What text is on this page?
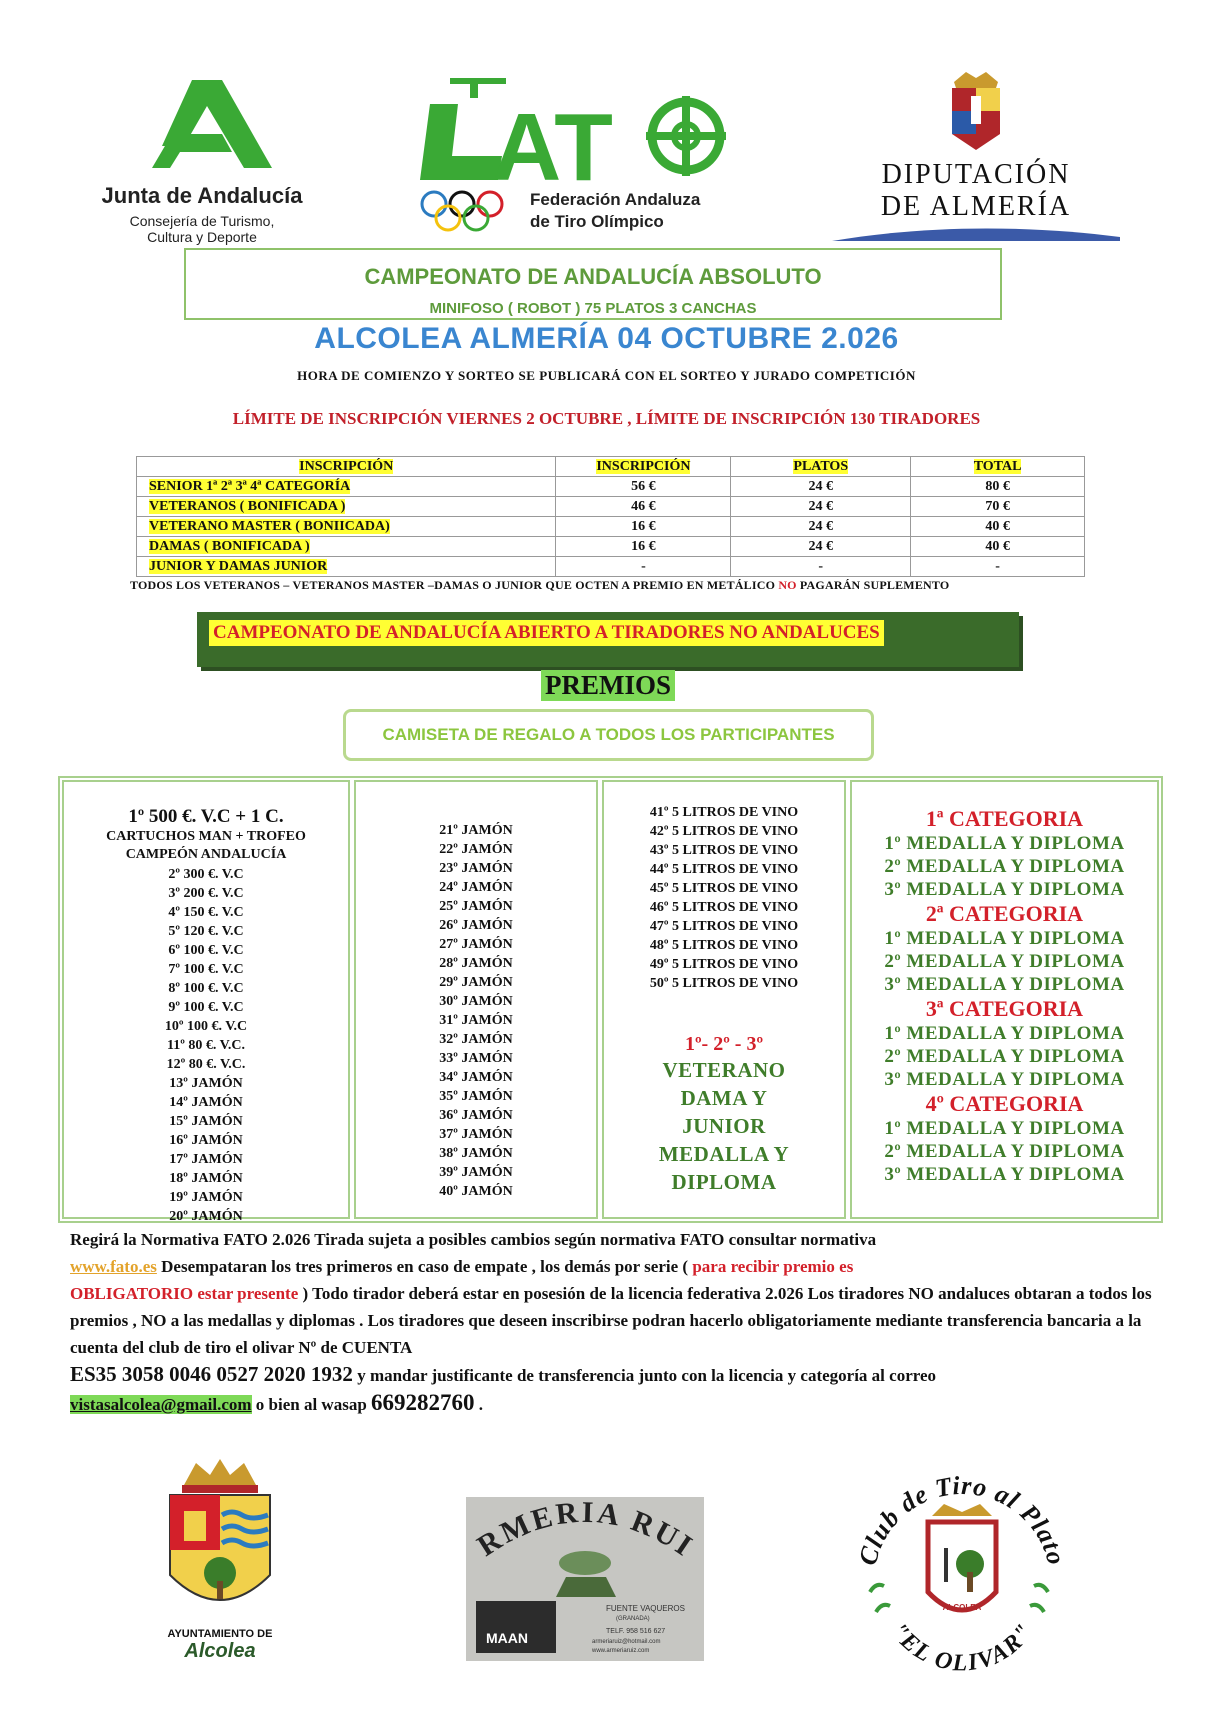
Junta de Andalucía
Consejería de Turismo,
Cultura y Deporte
AT
Federación Andaluza
de Tiro Olímpico
DIPUTACIÓN
DE ALMERÍA
CAMPEONATO DE ANDALUCÍA ABSOLUTO
MINIFOSO ( ROBOT ) 75 PLATOS 3 CANCHAS
ALCOLEA ALMERÍA 04 OCTUBRE 2.026
HORA DE COMIENZO Y SORTEO SE PUBLICARÁ CON EL SORTEO Y JURADO COMPETICIÓN
LÍMITE DE INSCRIPCIÓN VIERNES 2 OCTUBRE , LÍMITE DE INSCRIPCIÓN 130 TIRADORES
INSCRIPCIÓN	INSCRIPCIÓN	PLATOS	TOTAL
SENIOR 1ª 2ª 3ª 4ª CATEGORÍA	56 €	24 €	80 €
VETERANOS ( BONIFICADA )	46 €	24 €	70 €
VETERANO MASTER ( BONIICADA)	16 €	24 €	40 €
DAMAS ( BONIFICADA )	16 €	24 €	40 €
JUNIOR Y DAMAS JUNIOR	-	-	-
TODOS LOS VETERANOS – VETERANOS MASTER –DAMAS O JUNIOR QUE OCTEN A PREMIO EN METÁLICO NO PAGARÁN SUPLEMENTO
CAMPEONATO DE ANDALUCÍA ABIERTO A TIRADORES NO ANDALUCES
PREMIOS
CAMISETA DE REGALO A TODOS LOS PARTICIPANTES
1º 500 €. V.C + 1 C.
CARTUCHOS MAN + TROFEO
CAMPEÓN ANDALUCÍA
2º 300 €. V.C
3º 200 €. V.C
4º 150 €. V.C
5º 120 €. V.C
6º 100 €. V.C
7º 100 €. V.C
8º 100 €. V.C
9º 100 €. V.C
10º 100 €. V.C
11º 80 €. V.C.
12º 80 €. V.C.
13º JAMÓN
14º JAMÓN
15º JAMÓN
16º JAMÓN
17º JAMÓN
18º JAMÓN
19º JAMÓN
20º JAMÓN
21º JAMÓN
22º JAMÓN
23º JAMÓN
24º JAMÓN
25º JAMÓN
26º JAMÓN
27º JAMÓN
28º JAMÓN
29º JAMÓN
30º JAMÓN
31º JAMÓN
32º JAMÓN
33º JAMÓN
34º JAMÓN
35º JAMÓN
36º JAMÓN
37º JAMÓN
38º JAMÓN
39º JAMÓN
40º JAMÓN
41º 5 LITROS DE VINO
42º 5 LITROS DE VINO
43º 5 LITROS DE VINO
44º 5 LITROS DE VINO
45º 5 LITROS DE VINO
46º 5 LITROS DE VINO
47º 5 LITROS DE VINO
48º 5 LITROS DE VINO
49º 5 LITROS DE VINO
50º 5 LITROS DE VINO
1º- 2º - 3º
VETERANO
DAMA Y
JUNIOR
MEDALLA Y
DIPLOMA
1ª CATEGORIA
1º MEDALLA Y DIPLOMA
2º MEDALLA Y DIPLOMA
3º MEDALLA Y DIPLOMA
2ª CATEGORIA
1º MEDALLA Y DIPLOMA
2º MEDALLA Y DIPLOMA
3º MEDALLA Y DIPLOMA
3ª CATEGORIA
1º MEDALLA Y DIPLOMA
2º MEDALLA Y DIPLOMA
3º MEDALLA Y DIPLOMA
4º CATEGORIA
1º MEDALLA Y DIPLOMA
2º MEDALLA Y DIPLOMA
3º MEDALLA Y DIPLOMA
Regirá la Normativa FATO 2.026 Tirada sujeta a posibles cambios según normativa FATO consultar normativa
www.fato.es Desempataran los tres primeros en caso de empate , los demás por serie ( para recibir premio es
OBLIGATORIO estar presente ) Todo tirador deberá estar en posesión de la licencia federativa 2.026 Los tiradores NO andaluces obtaran a todos los premios , NO a las medallas y diplomas . Los tiradores que deseen inscribirse podran hacerlo obligatoriamente mediante transferencia bancaria a la cuenta del club de tiro el olivar Nº de CUENTA
ES35 3058 0046 0527 2020 1932 y mandar justificante de transferencia junto con la licencia y categoría al correo
vistasalcolea@gmail.com o bien al wasap 669282760 .
AYUNTAMIENTO DE
Alcolea
RMERIA RUI
MAAN
FUENTE VAQUEROS
(GRANADA)
TELF. 958 516 627
armeriaruiz@hotmail.com
www.armeriaruiz.com
Club de Tiro al Plato
"EL OLIVAR"
ALCOLEA
